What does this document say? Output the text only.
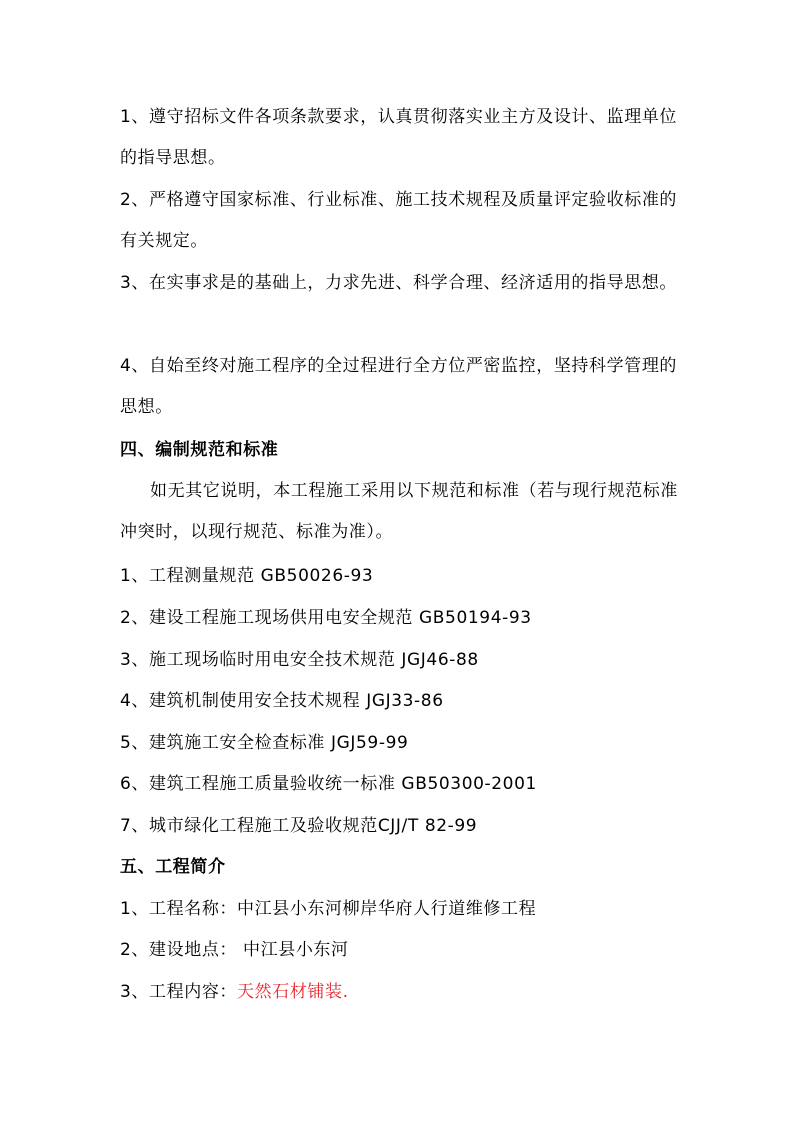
1、遵守招标文件各项条款要求，认真贯彻落实业主方及设计、监理单位的指导思想。

2、严格遵守国家标准、行业标准、施工技术规程及质量评定验收标准的有关规定。

3、在实事求是的基础上，力求先进、科学合理、经济适用的指导思想。

4、自始至终对施工程序的全过程进行全方位严密监控，坚持科学管理的思想。

四、编制规范和标准

如无其它说明，本工程施工采用以下规范和标准（若与现行规范标准冲突时，以现行规范、标准为准）。

1、工程测量规范 GB50026-93

2、建设工程施工现场供用电安全规范 GB50194-93

3、施工现场临时用电安全技术规范 JGJ46-88

4、建筑机制使用安全技术规程 JGJ33-86

5、建筑施工安全检查标准 JGJ59-99

6、建筑工程施工质量验收统一标准 GB50300-2001

7、城市绿化工程施工及验收规范CJJ/T 82-99

五、工程简介

1、工程名称：中江县小东河柳岸华府人行道维修工程

2、建设地点： 中江县小东河

3、工程内容：天然石材铺装.
